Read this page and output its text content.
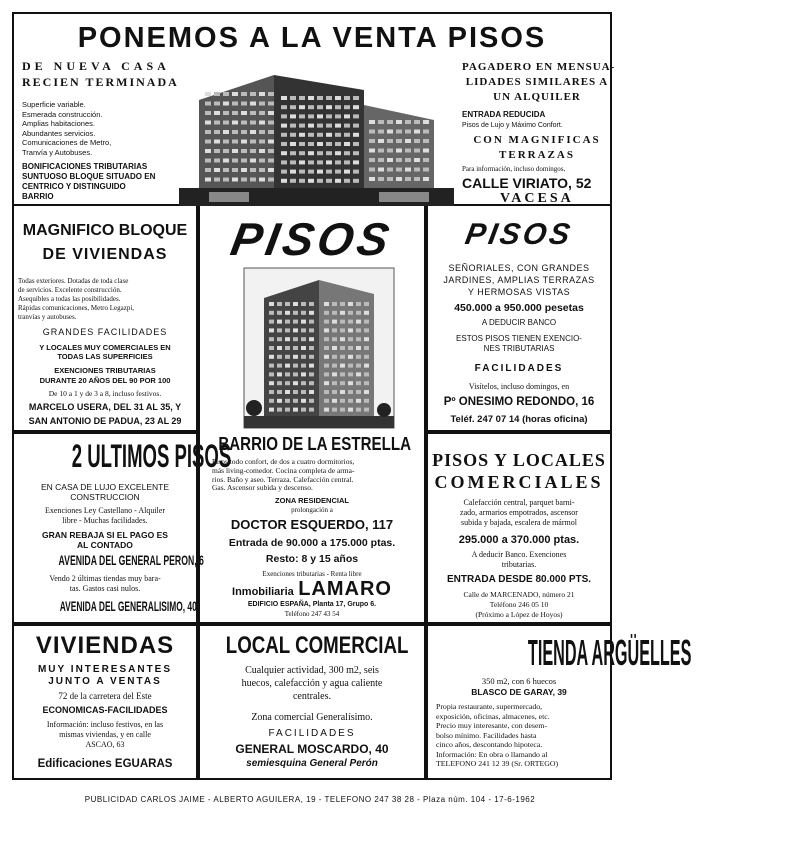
PONEMOS A LA VENTA PISOS
DE NUEVA CASA
RECIEN TERMINADA
Superficie variable.
Esmerada construcción.
Amplias habitaciones.
Abundantes servicios.
Comunicaciones de Metro,
Tranvía y Autobuses.
BONIFICACIONES TRIBUTARIAS
SUNTUOSO BLOQUE SITUADO EN
CENTRICO Y DISTINGUIDO
BARRIO
PAGADERO EN MENSUA-
LIDADES SIMILARES A
UN ALQUILER
ENTRADA REDUCIDA
Pisos de Lujo y Máximo Confort.
CON MAGNIFICAS
TERRAZAS
Para información, incluso domingos,
CALLE VIRIATO, 52
VACESA
MAGNIFICO BLOQUE
DE VIVIENDAS
Todas exteriores. Dotadas de toda clase
de servicios. Excelente construcción.
Asequibles a todas las posibilidades.
Rápidas comunicaciones, Metro Legazpi,
tranvías y autobuses.
GRANDES FACILIDADES
Y LOCALES MUY COMERCIALES EN
TODAS LAS SUPERFICIES
EXENCIONES TRIBUTARIAS
DURANTE 20 AÑOS DEL 90 POR 100
De 10 a 1 y de 3 a 8, incluso festivos.
MARCELO USERA, DEL 31 AL 35, Y
SAN ANTONIO DE PADUA, 23 AL 29
PISOS
BARRIO DE LA ESTRELLA
Pisos todo confort, de dos a cuatro dormitorios,
más living-comedor. Cocina completa de arma-
rios. Baño y aseo. Terraza. Calefacción central.
Gas. Ascensor subida y descenso.
ZONA RESIDENCIAL
prolongación a
DOCTOR ESQUERDO, 117
Entrada de 90.000 a 175.000 ptas.
Resto: 8 y 15 años
Exenciones tributarias - Renta libre
Inmobiliaria LAMARO
EDIFICIO ESPAÑA, Planta 17, Grupo 6.
Teléfono 247 43 54
PISOS
SEÑORIALES, CON GRANDES
JARDINES, AMPLIAS TERRAZAS
Y HERMOSAS VISTAS
450.000 a 950.000 pesetas
A DEDUCIR BANCO
ESTOS PISOS TIENEN EXENCIO-
NES TRIBUTARIAS
FACILIDADES
Visítelos, incluso domingos, en
Pº ONESIMO REDONDO, 16
Teléf. 247 07 14 (horas oficina)
2 ULTIMOS PISOS
EN CASA DE LUJO EXCELENTE
CONSTRUCCION
Exenciones Ley Castellano - Alquiler
libre - Muchas facilidades.
GRAN REBAJA SI EL PAGO ES
AL CONTADO
AVENIDA DEL GENERAL PERON, 6
Vendo 2 últimas tiendas muy bara-
tas. Gastos casi nulos.
AVENIDA DEL GENERALISIMO, 40
PISOS Y LOCALES
COMERCIALES
Calefacción central, parquet barni-
zado, armarios empotrados, ascensor
subida y bajada, escalera de mármol
295.000 a 370.000 ptas.
A deducir Banco. Exenciones
tributarias.
ENTRADA DESDE 80.000 PTS.
Calle de MARCENADO, número 21
Teléfono 246 05 10
(Próximo a López de Hoyos)
VIVIENDAS
MUY INTERESANTES
JUNTO A VENTAS
72 de la carretera del Este
ECONOMICAS-FACILIDADES
Información: incluso festivos, en las
mismas viviendas, y en calle
ASCAO, 63
Edificaciones EGUARAS
LOCAL COMERCIAL
Cualquier actividad, 300 m2, seis
huecos, calefacción y agua caliente
centrales.
Zona comercial Generalísimo.
FACILIDADES
GENERAL MOSCARDO, 40
semiesquina General Perón
TIENDA ARGÜELLES
350 m2, con 6 huecos
BLASCO DE GARAY, 39
Propia restaurante, supermercado,
exposición, oficinas, almacenes, etc.
Precio muy interesante, con desem-
bolso mínimo. Facilidades hasta
cinco años, descontando hipoteca.
Información: En obra o llamando al
TELEFONO 241 12 39 (Sr. ORTEGO)
PUBLICIDAD CARLOS JAIME - ALBERTO AGUILERA, 19 - TELEFONO 247 38 28 - Plaza núm. 104 - 17-6-1962
